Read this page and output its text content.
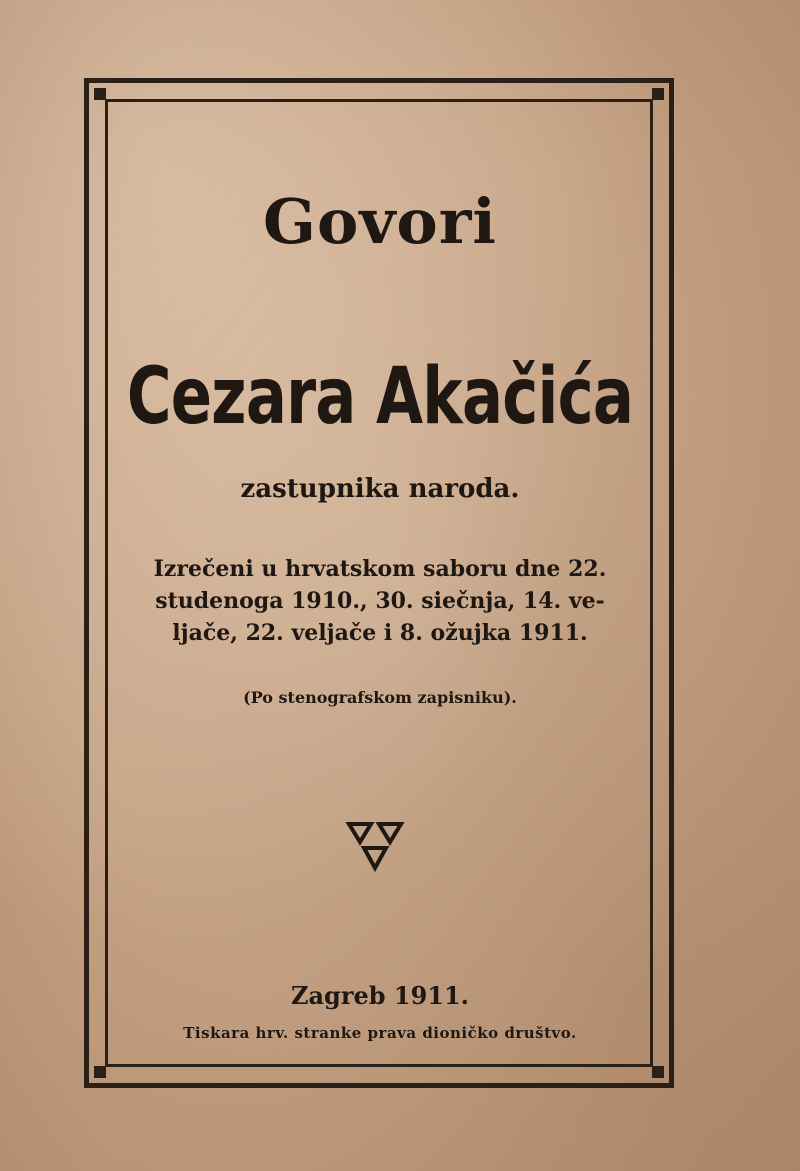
Govori
Cezara Akačića
zastupnika naroda.
Izrečeni u hrvatskom saboru dne 22.
studenoga 1910., 30. siečnja, 14. ve-
ljače, 22. veljače i 8. ožujka 1911.
(Po stenografskom zapisniku).
Zagreb 1911.
Tiskara hrv. stranke prava dioničko društvo.
